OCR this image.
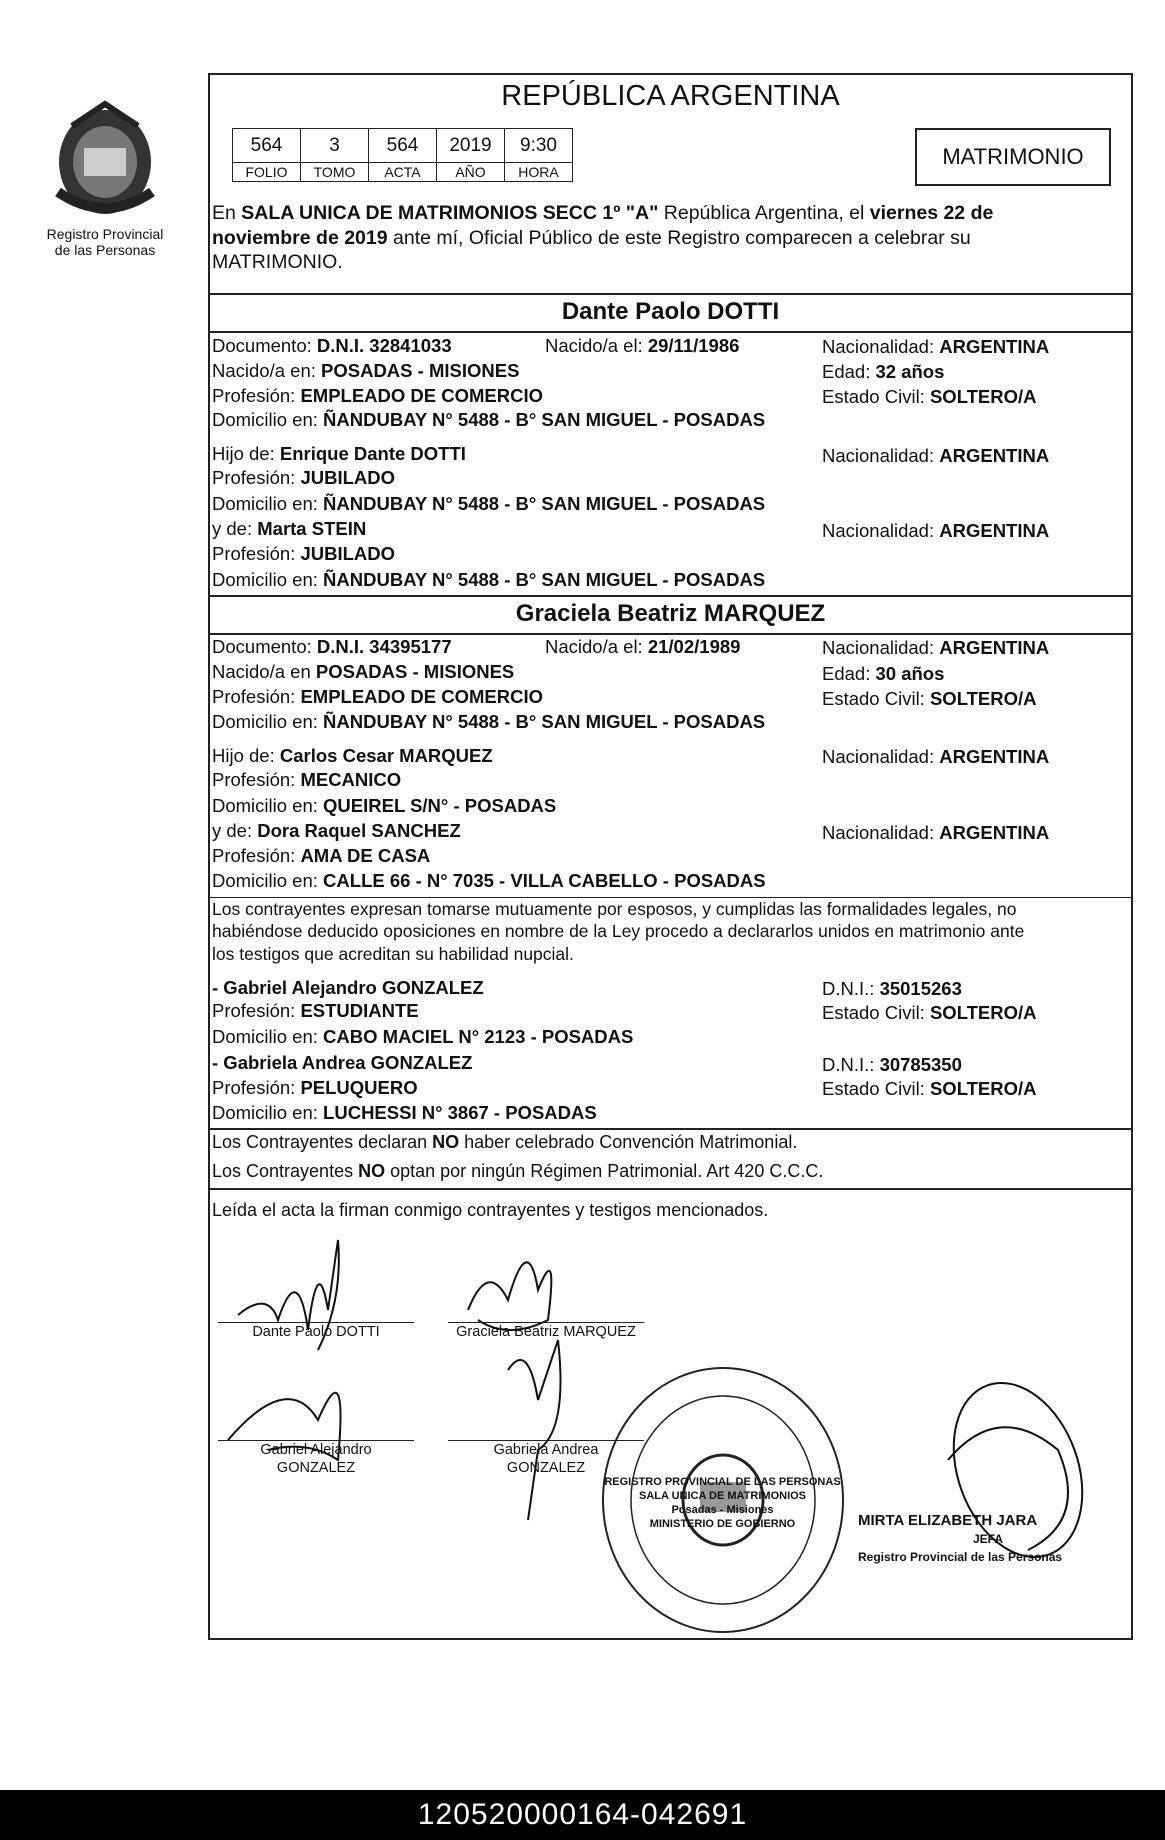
Registro Provincial
de las Personas
REPÚBLICA ARGENTINA
564	3	564	2019	9:30
FOLIO	TOMO	ACTA	AÑO	HORA
MATRIMONIO
En SALA UNICA DE MATRIMONIOS SECC 1º "A" República Argentina, el viernes 22 de
noviembre de 2019 ante mí, Oficial Público de este Registro comparecen a celebrar su
MATRIMONIO.
Dante Paolo DOTTI
Documento: D.N.I. 32841033	Nacido/a el: 29/11/1986	Nacionalidad: ARGENTINA
Nacido/a en: POSADAS - MISIONES	Edad: 32 años
Profesión: EMPLEADO DE COMERCIO	Estado Civil: SOLTERO/A
Domicilio en: ÑANDUBAY N° 5488 - B° SAN MIGUEL - POSADAS
Hijo de: Enrique Dante DOTTI	Nacionalidad: ARGENTINA
Profesión: JUBILADO
Domicilio en: ÑANDUBAY N° 5488 - B° SAN MIGUEL - POSADAS
y de: Marta STEIN	Nacionalidad: ARGENTINA
Profesión: JUBILADO
Domicilio en: ÑANDUBAY N° 5488 - B° SAN MIGUEL - POSADAS
Graciela Beatriz MARQUEZ
Documento: D.N.I. 34395177	Nacido/a el: 21/02/1989	Nacionalidad: ARGENTINA
Nacido/a en POSADAS - MISIONES	Edad: 30 años
Profesión: EMPLEADO DE COMERCIO	Estado Civil: SOLTERO/A
Domicilio en: ÑANDUBAY N° 5488 - B° SAN MIGUEL - POSADAS
Hijo de: Carlos Cesar MARQUEZ	Nacionalidad: ARGENTINA
Profesión: MECANICO
Domicilio en: QUEIREL S/N° - POSADAS
y de: Dora Raquel SANCHEZ	Nacionalidad: ARGENTINA
Profesión: AMA DE CASA
Domicilio en: CALLE 66 - N° 7035 - VILLA CABELLO - POSADAS
Los contrayentes expresan tomarse mutuamente por esposos, y cumplidas las formalidades legales, no
habiéndose deducido oposiciones en nombre de la Ley procedo a declararlos unidos en matrimonio ante
los testigos que acreditan su habilidad nupcial.
- Gabriel Alejandro GONZALEZ	D.N.I.: 35015263
Profesión: ESTUDIANTE	Estado Civil: SOLTERO/A
Domicilio en: CABO MACIEL N° 2123 - POSADAS
- Gabriela Andrea GONZALEZ	D.N.I.: 30785350
Profesión: PELUQUERO	Estado Civil: SOLTERO/A
Domicilio en: LUCHESSI N° 3867 - POSADAS
Los Contrayentes declaran NO haber celebrado Convención Matrimonial.
Los Contrayentes NO optan por ningún Régimen Patrimonial. Art 420 C.C.C.
Leída el acta la firman conmigo contrayentes y testigos mencionados.
Dante Paolo DOTTI	Graciela Beatriz MARQUEZ
Gabriel Alejandro
GONZALEZ
Gabriela Andrea
GONZALEZ
REGISTRO PROVINCIAL DE LAS PERSONAS
SALA UNICA DE MATRIMONIOS
Posadas - Misiones
MINISTERIO DE GOBIERNO	MIRTA ELIZABETH JARA
JEFA
Registro Provincial de las Personas
120520000164-042691
